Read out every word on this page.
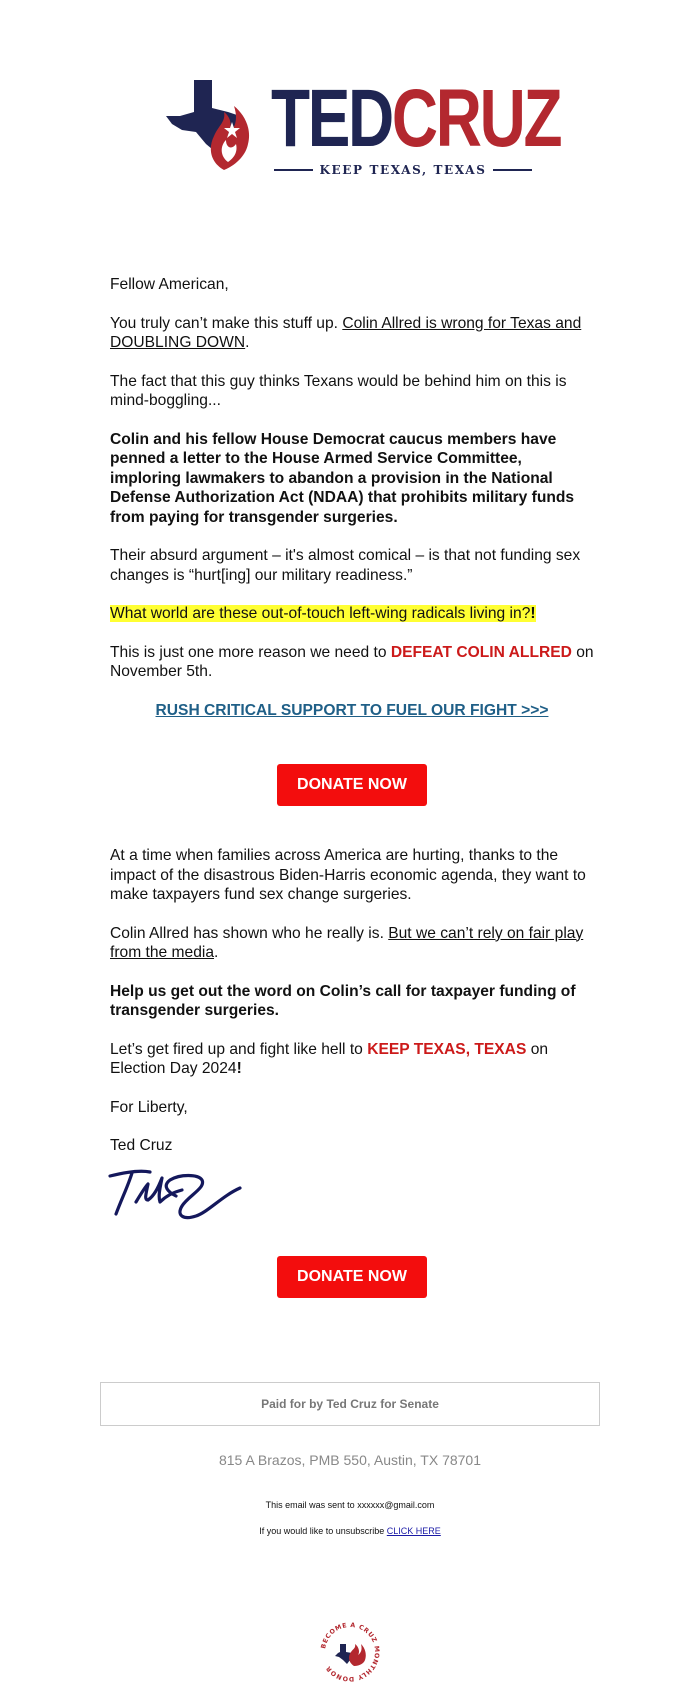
TEDCRUZ
KEEP TEXAS, TEXAS

Fellow American,

You truly can’t make this stuff up. Colin Allred is wrong for Texas and DOUBLING DOWN.

The fact that this guy thinks Texans would be behind him on this is mind-boggling...

Colin and his fellow House Democrat caucus members have penned a letter to the House Armed Service Committee, imploring lawmakers to abandon a provision in the National Defense Authorization Act (NDAA) that prohibits military funds from paying for transgender surgeries.

Their absurd argument – it's almost comical – is that not funding sex changes is “hurt[ing] our military readiness.”

What world are these out-of-touch left-wing radicals living in?!

This is just one more reason we need to DEFEAT COLIN ALLRED on November 5th.

RUSH CRITICAL SUPPORT TO FUEL OUR FIGHT >>>
DONATE NOW

At a time when families across America are hurting, thanks to the impact of the disastrous Biden-Harris economic agenda, they want to make taxpayers fund sex change surgeries.

Colin Allred has shown who he really is. But we can’t rely on fair play from the media.

Help us get out the word on Colin’s call for taxpayer funding of transgender surgeries.

Let’s get fired up and fight like hell to KEEP TEXAS, TEXAS on Election Day 2024!

For Liberty,

Ted Cruz

DONATE NOW
Paid for by Ted Cruz for Senate
815 A Brazos, PMB 550, Austin, TX 78701
This email was sent to xxxxxx@gmail.com
If you would like to unsubscribe CLICK HERE
BECOME A CRUZ MONTHLY DONOR
